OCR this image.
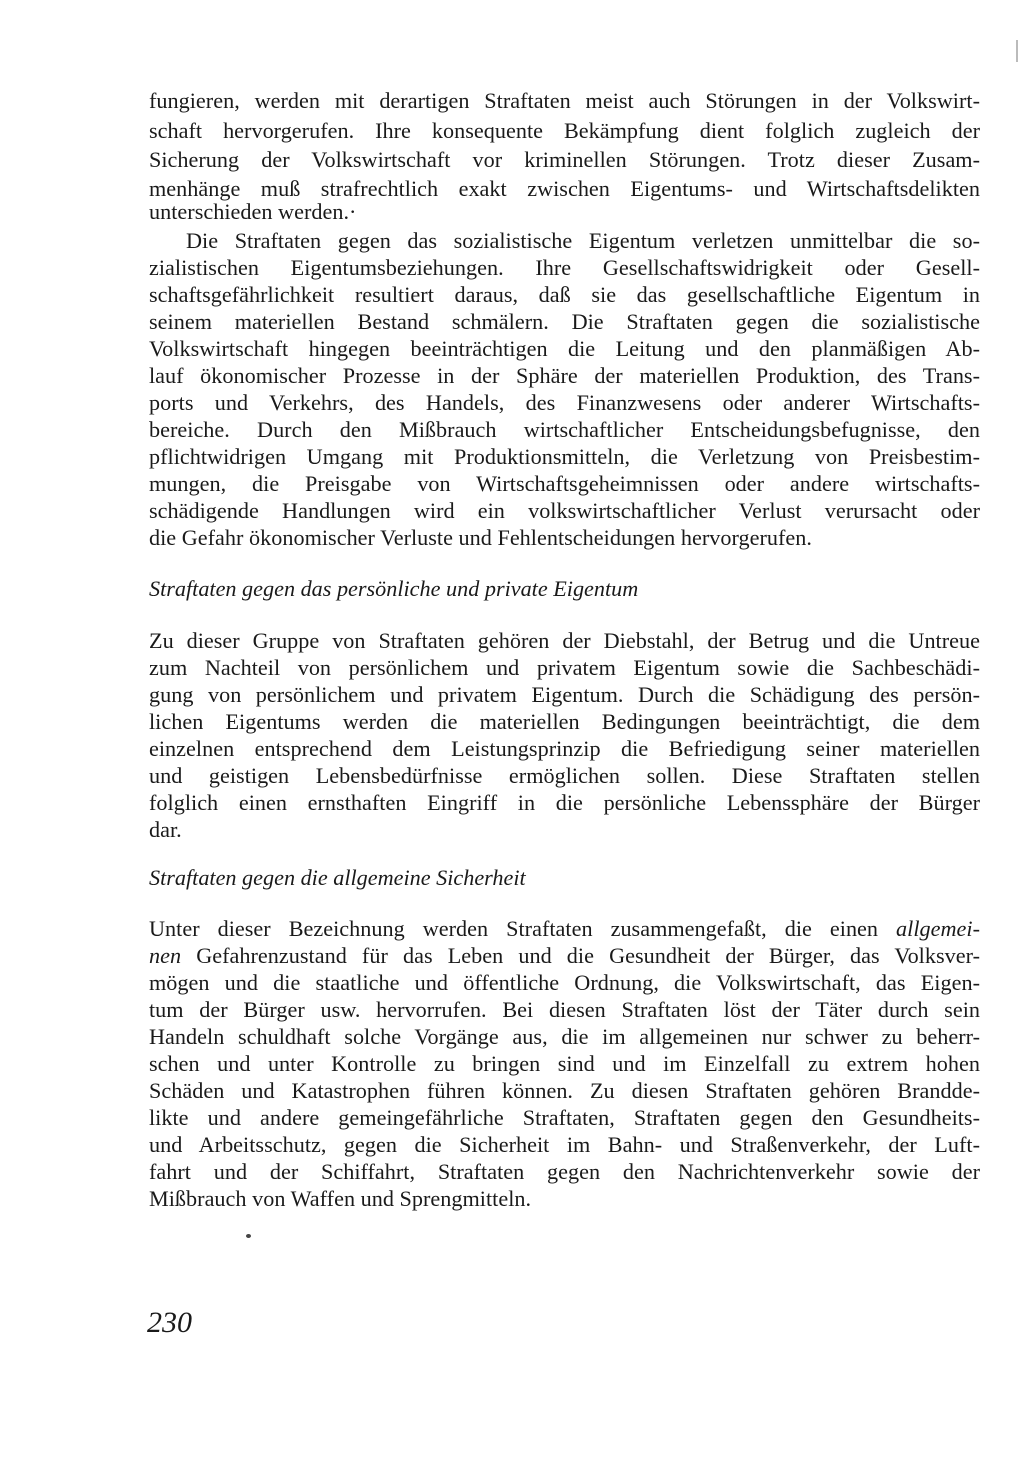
fungieren, werden mit derartigen Straftaten meist auch Störungen in der Volkswirt-
schaft hervorgerufen. Ihre konsequente Bekämpfung dient folglich zugleich der
Sicherung der Volkswirtschaft vor kriminellen Störungen. Trotz dieser Zusam-
menhänge muß strafrechtlich exakt zwischen Eigentums- und Wirtschaftsdelikten
unterschieden werden.·
Die Straftaten gegen das sozialistische Eigentum verletzen unmittelbar die so-
zialistischen Eigentumsbeziehungen. Ihre Gesellschaftswidrigkeit oder Gesell-
schaftsgefährlichkeit resultiert daraus, daß sie das gesellschaftliche Eigentum in
seinem materiellen Bestand schmälern. Die Straftaten gegen die sozialistische
Volkswirtschaft hingegen beeinträchtigen die Leitung und den planmäßigen Ab-
lauf ökonomischer Prozesse in der Sphäre der materiellen Produktion, des Trans-
ports und Verkehrs, des Handels, des Finanzwesens oder anderer Wirtschafts-
bereiche. Durch den Mißbrauch wirtschaftlicher Entscheidungsbefugnisse, den
pflichtwidrigen Umgang mit Produktionsmitteln, die Verletzung von Preisbestim-
mungen, die Preisgabe von Wirtschaftsgeheimnissen oder andere wirtschafts-
schädigende Handlungen wird ein volkswirtschaftlicher Verlust verursacht oder
die Gefahr ökonomischer Verluste und Fehlentscheidungen hervorgerufen.
Straftaten gegen das persönliche und private Eigentum
Zu dieser Gruppe von Straftaten gehören der Diebstahl, der Betrug und die Untreue
zum Nachteil von persönlichem und privatem Eigentum sowie die Sachbeschädi-
gung von persönlichem und privatem Eigentum. Durch die Schädigung des persön-
lichen Eigentums werden die materiellen Bedingungen beeinträchtigt, die dem
einzelnen entsprechend dem Leistungsprinzip die Befriedigung seiner materiellen
und geistigen Lebensbedürfnisse ermöglichen sollen. Diese Straftaten stellen
folglich einen ernsthaften Eingriff in die persönliche Lebenssphäre der Bürger
dar.
Straftaten gegen die allgemeine Sicherheit
Unter dieser Bezeichnung werden Straftaten zusammengefaßt, die einen allgemei-
nen Gefahrenzustand für das Leben und die Gesundheit der Bürger, das Volksver-
mögen und die staatliche und öffentliche Ordnung, die Volkswirtschaft, das Eigen-
tum der Bürger usw. hervorrufen. Bei diesen Straftaten löst der Täter durch sein
Handeln schuldhaft solche Vorgänge aus, die im allgemeinen nur schwer zu beherr-
schen und unter Kontrolle zu bringen sind und im Einzelfall zu extrem hohen
Schäden und Katastrophen führen können. Zu diesen Straftaten gehören Brandde-
likte und andere gemeingefährliche Straftaten, Straftaten gegen den Gesundheits-
und Arbeitsschutz, gegen die Sicherheit im Bahn- und Straßenverkehr, der Luft-
fahrt und der Schiffahrt, Straftaten gegen den Nachrichtenverkehr sowie der
Mißbrauch von Waffen und Sprengmitteln.
230
